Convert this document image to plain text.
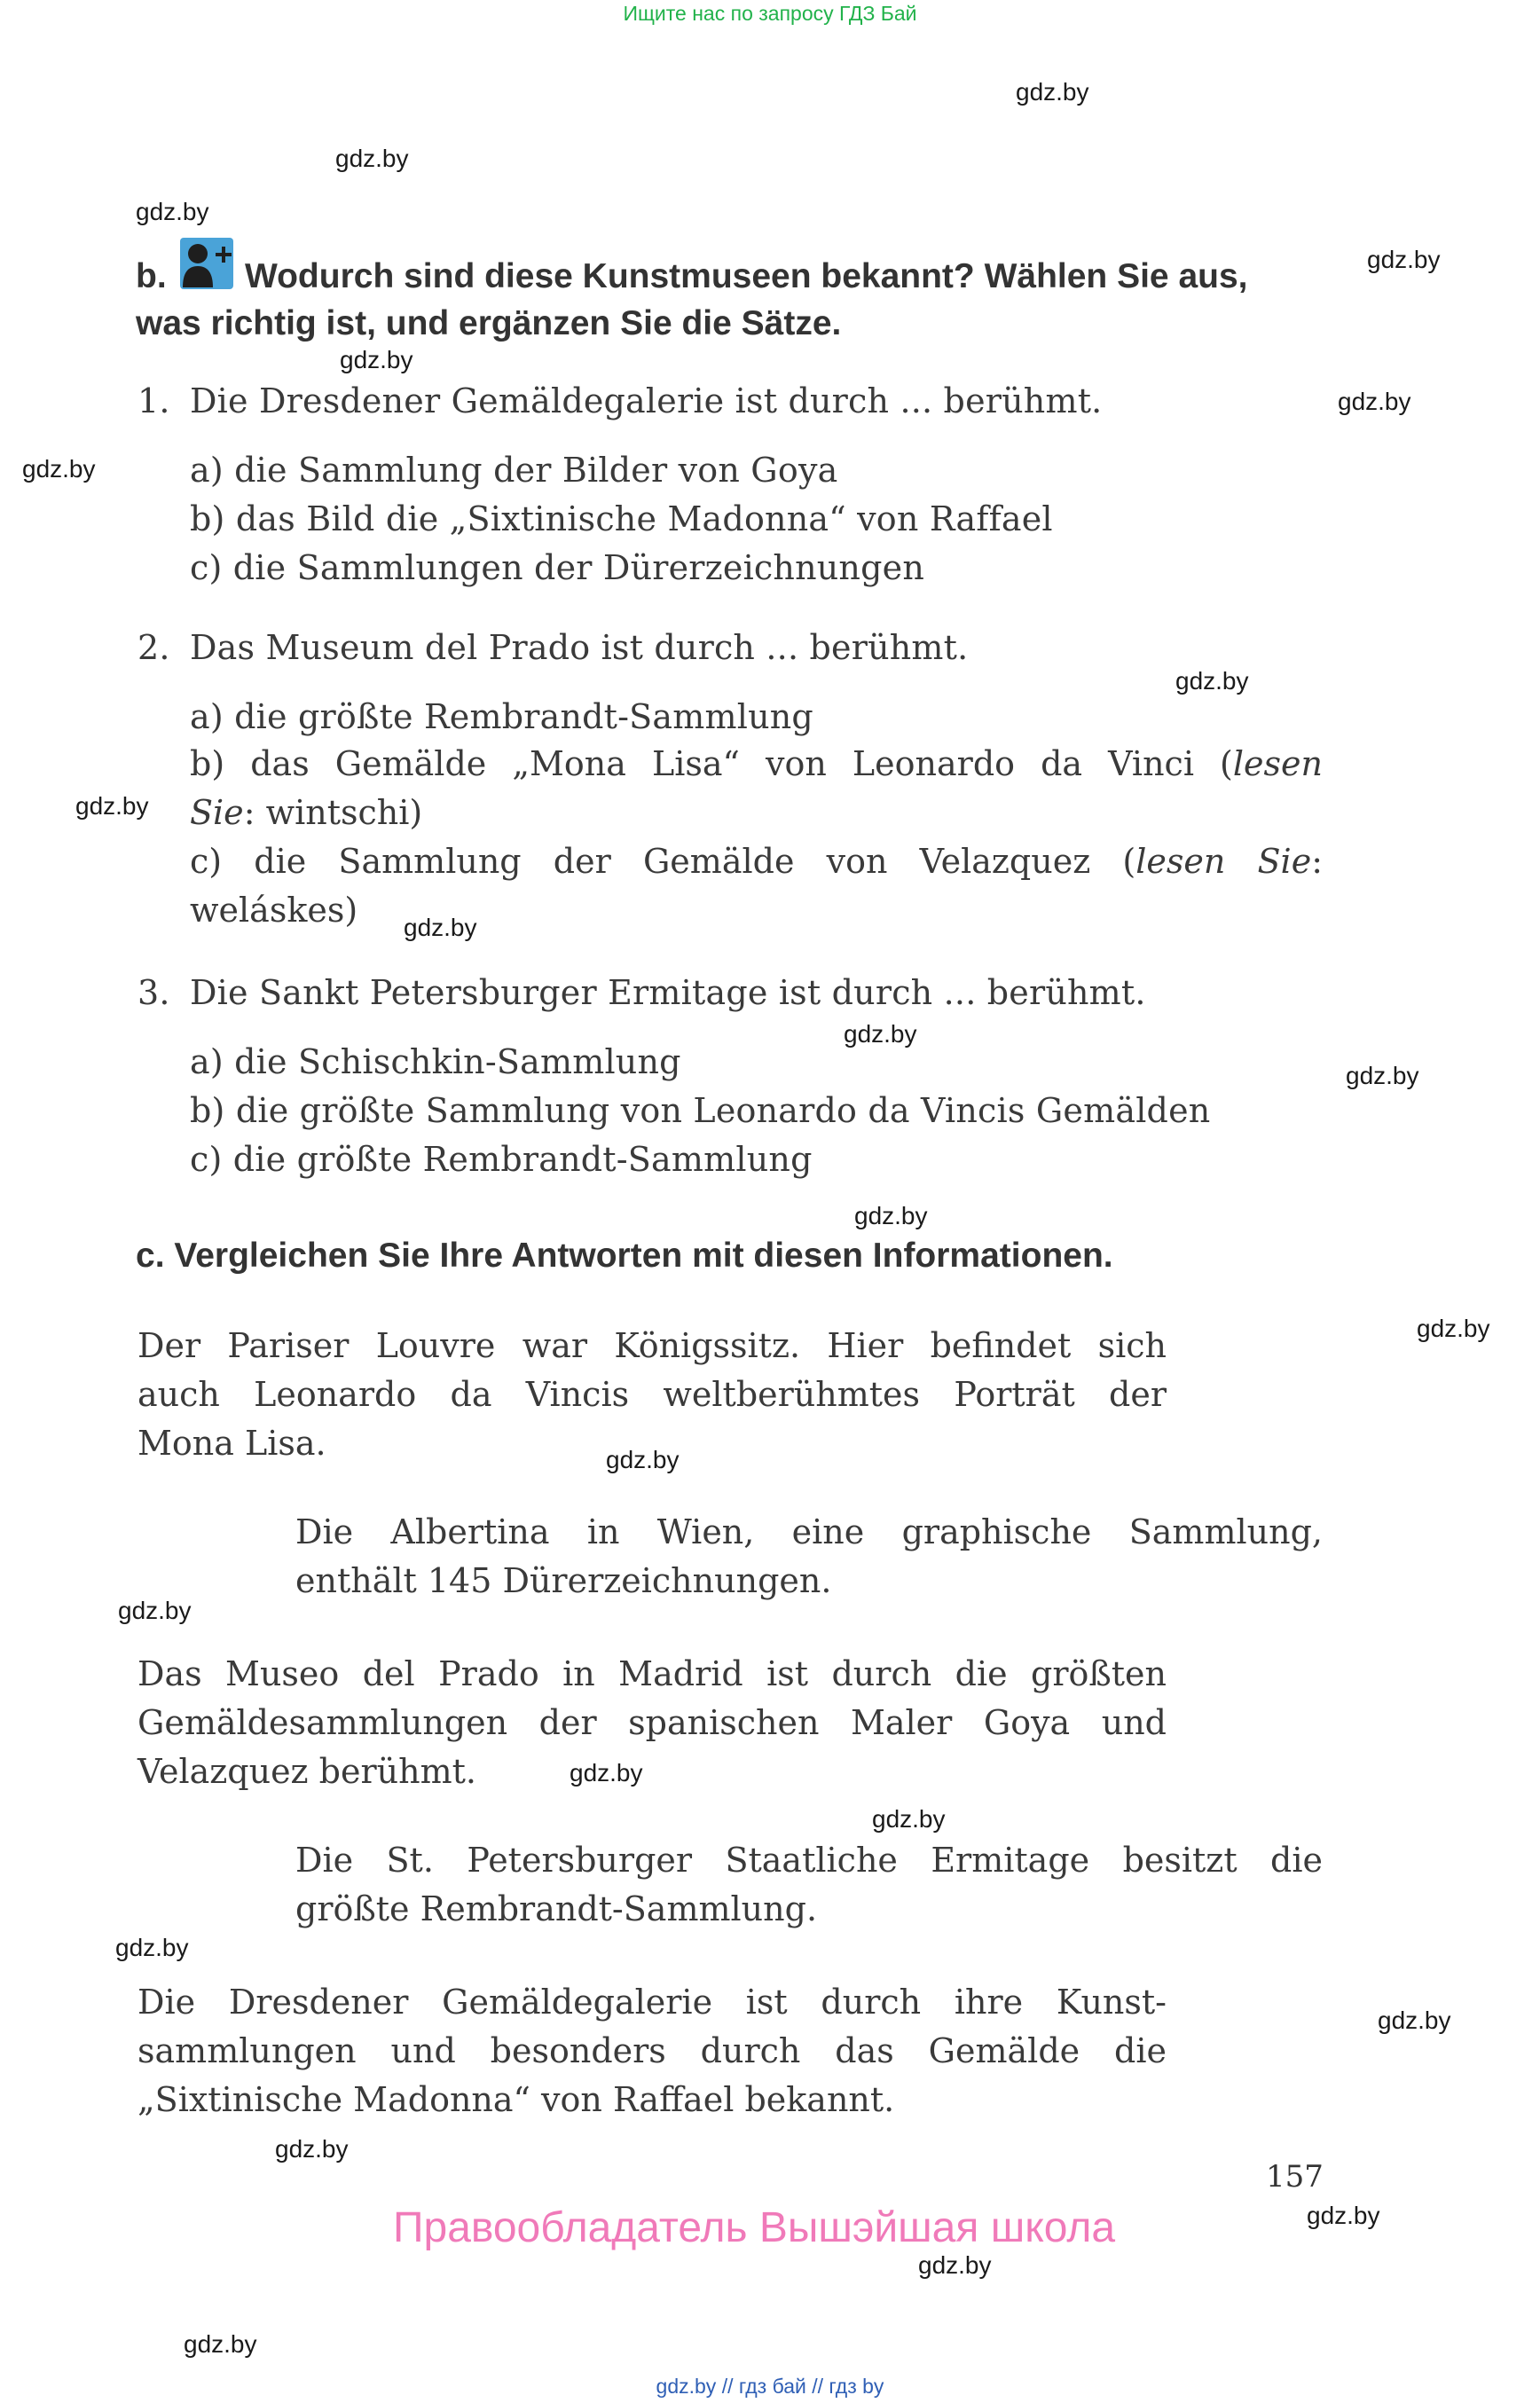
Ищите нас по запросу ГДЗ Бай
gdz.by
gdz.by
gdz.by
gdz.by
gdz.by
gdz.by
gdz.by
gdz.by
gdz.by
gdz.by
gdz.by
gdz.by
gdz.by
gdz.by
gdz.by
gdz.by
gdz.by
gdz.by
gdz.by
gdz.by
gdz.by
gdz.by
gdz.by
gdz.by
b. Wodurch sind diese Kunstmuseen bekannt? Wählen Sie aus,
was richtig ist, und ergänzen Sie die Sätze.
1. Die Dresdener Gemäldegalerie ist durch ... berühmt.
a) die Sammlung der Bilder von Goya
b) das Bild die „Sixtinische Madonna“ von Raffael
c) die Sammlungen der Dürerzeichnungen
2. Das Museum del Prado ist durch ... berühmt.
a) die größte Rembrandt-Sammlung
b) das Gemälde „Mona Lisa“ von Leonardo da Vinci (lesen
Sie: wintschi)
c) die Sammlung der Gemälde von Velazquez (lesen Sie:
weláskes)
3. Die Sankt Petersburger Ermitage ist durch ... berühmt.
a) die Schischkin-Sammlung
b) die größte Sammlung von Leonardo da Vincis Gemälden
c) die größte Rembrandt-Sammlung
c. Vergleichen Sie Ihre Antworten mit diesen Informationen.
Der Pariser Louvre war Königssitz. Hier befindet sich
auch Leonardo da Vincis weltberühmtes Porträt der
Mona Lisa.
Die Albertina in Wien, eine graphische Sammlung,
enthält 145 Dürerzeichnungen.
Das Museo del Prado in Madrid ist durch die größten
Gemäldesammlungen der spanischen Maler Goya und
Velazquez berühmt.
Die St. Petersburger Staatliche Ermitage besitzt die
größte Rembrandt-Sammlung.
Die Dresdener Gemäldegalerie ist durch ihre Kunst-
sammlungen und besonders durch das Gemälde die
„Sixtinische Madonna“ von Raffael bekannt.
157
Правообладатель Вышэйшая школа
gdz.by // гдз бай // гдз by
